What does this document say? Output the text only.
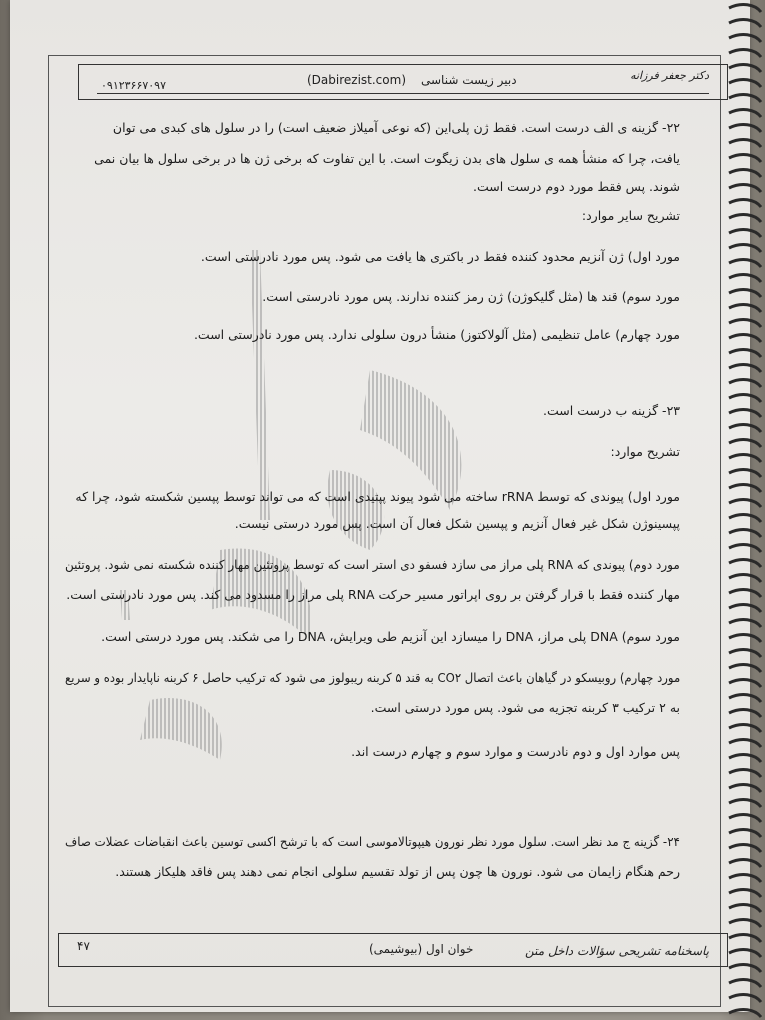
دکتر جعفر فرزانه
(Dabirezist.com) دبیر زیست شناسی
۰۹۱۲۳۶۶۷۰۹۷
۲۲- گزینه ی الف درست است. فقط ژن پلی‌این (که نوعی آمیلاز ضعیف است) را در سلول های کبدی می توان
یافت، چرا که منشأ همه ی سلول های بدن زیگوت است. با این تفاوت که برخی ژن ها در برخی سلول ها بیان نمی
شوند. پس فقط مورد دوم درست است.
تشریح سایر موارد:
مورد اول) ژن آنزیم محدود کننده فقط در باکتری ها یافت می شود. پس مورد نادرستی است.
مورد سوم) قند ها (مثل گلیکوژن) ژن رمز کننده ندارند. پس مورد نادرستی است.
مورد چهارم) عامل تنظیمی (مثل آلولاکتوز) منشأ درون سلولی ندارد. پس مورد نادرستی است.
۲۳- گزینه ب درست است.
تشریح موارد:
مورد اول) پیوندی که توسط rRNA ساخته می شود پیوند پپتیدی است که می تواند توسط پپسین شکسته شود، چرا که
پپسینوژن شکل غیر فعال آنزیم و پپسین شکل فعال آن است. پس مورد درستی نیست.
مورد دوم) پیوندی که RNA پلی مراز می سازد فسفو دی استر است که توسط پروتئین مهار کننده شکسته نمی شود. پروتئین
مهار کننده فقط با قرار گرفتن بر روی اپراتور مسیر حرکت RNA پلی مراز را مسدود می کند. پس مورد نادرستی است.
مورد سوم) DNA پلی مراز، DNA را میسازد این آنزیم طی ویرایش، DNA را می شکند. پس مورد درستی است.
مورد چهارم) روبیسکو در گیاهان باعث اتصال CO۲ به قند ۵ کربنه ریبولوز می شود که ترکیب حاصل ۶ کربنه ناپایدار بوده و سریع
به ۲ ترکیب ۳ کربنه تجزیه می شود. پس مورد درستی است.
پس موارد اول و دوم نادرست و موارد سوم و چهارم درست اند.
۲۴- گزینه ج مد نظر است. سلول مورد نظر نورون هیپوتالاموسی است که با ترشح اکسی توسین باعث انقباضات عضلات صاف
رحم هنگام زایمان می شود. نورون ها چون پس از تولد تقسیم سلولی انجام نمی دهند پس فاقد هلیکاز هستند.
۴۷	خوان اول (بیوشیمی)	پاسخنامه تشریحی سؤالات داخل متن
